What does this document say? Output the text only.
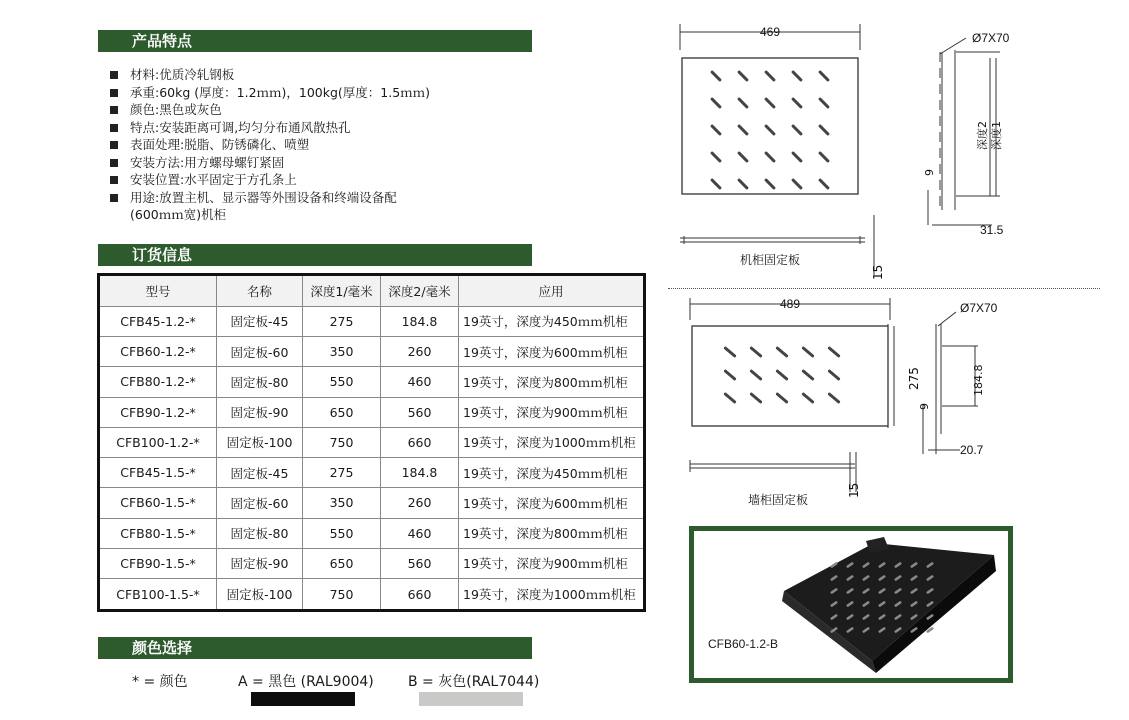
产品特点
材料:优质冷轧钢板
承重:60kg (厚度：1.2ｍｍ)，100kg(厚度：1.5ｍｍ)
颜色:黑色或灰色
特点:安装距离可调,均匀分布通风散热孔
表面处理:脱脂、防锈磷化、喷塑
安装方法:用方螺母螺钉紧固
安装位置:水平固定于方孔条上
用途:放置主机、显示器等外围设备和终端设备配
(600ｍｍ宽)机柜
订货信息
型号	名称	深度1/毫米	深度2/毫米	应用
CFB45-1.2-*	固定板-45	275	184.8	19英寸，深度为450ｍｍ机柜
CFB60-1.2-*	固定板-60	350	260	19英寸，深度为600ｍｍ机柜
CFB80-1.2-*	固定板-80	550	460	19英寸，深度为800ｍｍ机柜
CFB90-1.2-*	固定板-90	650	560	19英寸，深度为900ｍｍ机柜
CFB100-1.2-*	固定板-100	750	660	19英寸，深度为1000ｍｍ机柜
CFB45-1.5-*	固定板-45	275	184.8	19英寸，深度为450ｍｍ机柜
CFB60-1.5-*	固定板-60	350	260	19英寸，深度为600ｍｍ机柜
CFB80-1.5-*	固定板-80	550	460	19英寸，深度为800ｍｍ机柜
CFB90-1.5-*	固定板-90	650	560	19英寸，深度为900ｍｍ机柜
CFB100-1.5-*	固定板-100	750	660	19英寸，深度为1000ｍｍ机柜
颜色选择
* = 颜色	A = 黑色 (RAL9004) B = 灰色(RAL7044)
469	Ø7X70
深度2 深度1
9
31.5
15
机柜固定板
489
275
Ø7X70
184.8
9
20.7
15
墙柜固定板
CFB60-1.2-B
